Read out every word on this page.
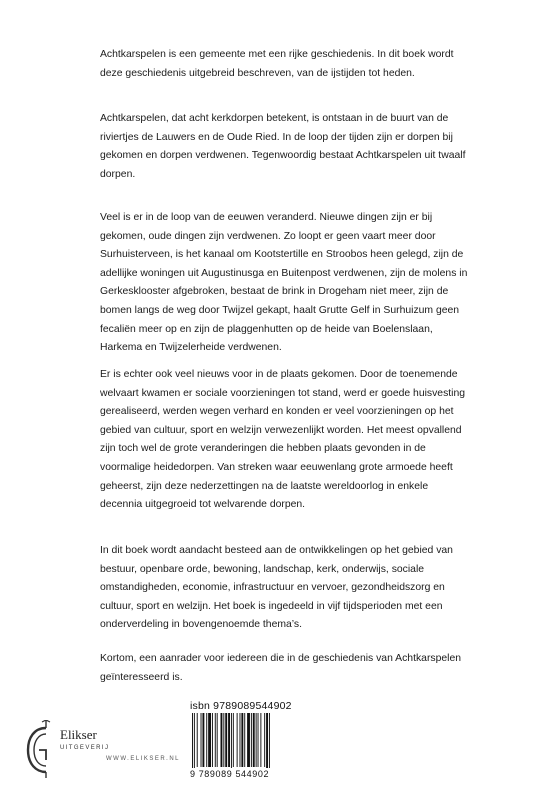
Achtkarspelen is een gemeente met een rijke geschiedenis. In dit boek wordt deze geschiedenis uitgebreid beschreven, van de ijstijden tot heden.

Achtkarspelen, dat acht kerkdorpen betekent, is ontstaan in de buurt van de riviertjes de Lauwers en de Oude Ried. In de loop der tijden zijn er dorpen bij gekomen en dorpen verdwenen. Tegenwoordig bestaat Achtkarspelen uit twaalf dorpen.

Veel is er in de loop van de eeuwen veranderd. Nieuwe dingen zijn er bij gekomen, oude dingen zijn verdwenen. Zo loopt er geen vaart meer door Surhuisterveen, is het kanaal om Kootstertille en Stroobos heen gelegd, zijn de adellijke woningen uit Augustinusga en Buitenpost verdwenen, zijn de molens in Gerkesklooster afgebroken, bestaat de brink in Drogeham niet meer, zijn de bomen langs de weg door Twijzel gekapt, haalt Grutte Gelf in Surhuizum geen fecaliën meer op en zijn de plaggenhutten op de heide van Boelenslaan, Harkema en Twijzelerheide verdwenen.

Er is echter ook veel nieuws voor in de plaats gekomen. Door de toenemende welvaart kwamen er sociale voorzieningen tot stand, werd er goede huisvesting gerealiseerd, werden wegen verhard en konden er veel voorzieningen op het gebied van cultuur, sport en welzijn verwezenlijkt worden. Het meest opvallend zijn toch wel de grote veranderingen die hebben plaats gevonden in de voormalige heidedorpen. Van streken waar eeuwenlang grote armoede heeft geheerst, zijn deze nederzettingen na de laatste wereldoorlog in enkele decennia uitgegroeid tot welvarende dorpen.

In dit boek wordt aandacht besteed aan de ontwikkelingen op het gebied van bestuur, openbare orde, bewoning, landschap, kerk, onderwijs, sociale omstandigheden, economie, infrastructuur en vervoer, gezondheidszorg en cultuur, sport en welzijn. Het boek is ingedeeld in vijf tijdsperioden met een onderverdeling in bovengenoemde thema’s.

Kortom, een aanrader voor iedereen die in de geschiedenis van Achtkarspelen geïnteresseerd is.

isbn 9789089544902
9 789089 544902
Elikser
UITGEVERIJ
WWW.ELIKSER.NL
